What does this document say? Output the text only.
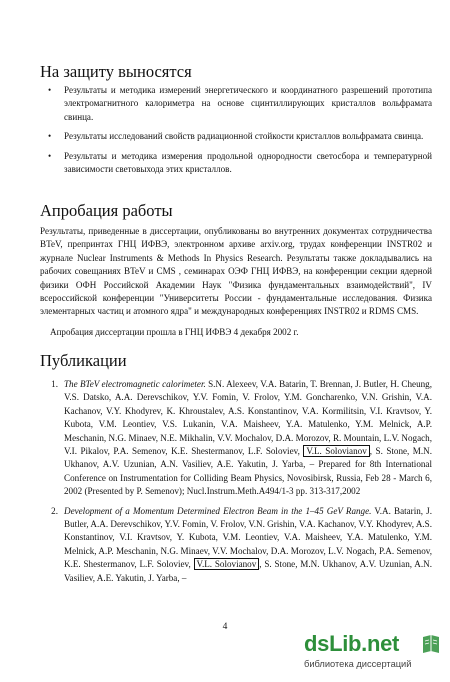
На защиту выносятся
• Результаты и методика измерений энергетического и координатного разрешений прототипа электромагнитного калориметра на основе сцинтиллирующих кристаллов вольфрамата свинца.
• Результаты исследований свойств радиационной стойкости кристаллов вольфрамата свинца.
• Результаты и методика измерения продольной однородности светосбора и температурной зависимости световыхода этих кристаллов.
Апробация работы

Результаты, приведенные в диссертации, опубликованы во внутренних документах сотрудничества BTeV, препринтах ГНЦ ИФВЭ, электронном архиве arxiv.org, трудах конференции INSTR02 и журнале Nuclear Instruments & Methods In Physics Research. Результаты также докладывались на рабочих совещаниях BTeV и CMS , семинарах ОЭФ ГНЦ ИФВЭ, на конференции секции ядерной физики ОФН Российской Академии Наук "Физика фундаментальных взаимодействий", IV всероссийской конференции "Университеты России - фундаментальные исследования. Физика элементарных частиц и атомного ядра" и международных конференциях INSTR02 и RDMS CMS.

Апробация диссертации прошла в ГНЦ ИФВЭ 4 декабря 2002 г.

Публикации
1. The BTeV electromagnetic calorimeter. S.N. Alexeev, V.A. Batarin, T. Brennan, J. Butler, H. Cheung, V.S. Datsko, A.A. Derevschikov, Y.V. Fomin, V. Frolov, Y.M. Goncharenko, V.N. Grishin, V.A. Kachanov, V.Y. Khodyrev, K. Khroustalev, A.S. Konstantinov, V.A. Kormilitsin, V.I. Kravtsov, Y. Kubota, V.M. Leontiev, V.S. Lukanin, V.A. Maisheev, Y.A. Matulenko, Y.M. Melnick, A.P. Meschanin, N.G. Minaev, N.E. Mikhalin, V.V. Mochalov, D.A. Morozov, R. Mountain, L.V. Nogach, V.I. Pikalov, P.A. Semenov, K.E. Shestermanov, L.F. Soloviev, V.L. Solovianov , S. Stone, M.N. Ukhanov, A.V. Uzunian, A.N. Vasiliev, A.E. Yakutin, J. Yarba, – Prepared for 8th International Conference on Instrumentation for Colliding Beam Physics, Novosibirsk, Russia, Feb 28 - March 6, 2002 (Presented by P. Semenov); Nucl.Instrum.Meth.A494/1-3 pp. 313-317,2002
2. Development of a Momentum Determined Electron Beam in the 1–45 GeV Range. V.A. Batarin, J. Butler, A.A. Derevschikov, Y.V. Fomin, V. Frolov, V.N. Grishin, V.A. Kachanov, V.Y. Khodyrev, A.S. Konstantinov, V.I. Kravtsov, Y. Kubota, V.M. Leontiev, V.A. Maisheev, Y.A. Matulenko, Y.M. Melnick, A.P. Meschanin, N.G. Minaev, V.V. Mochalov, D.A. Morozov, L.V. Nogach, P.A. Semenov, K.E. Shestermanov, L.F. Soloviev, V.L. Solovianov , S. Stone, M.N. Ukhanov, A.V. Uzunian, A.N. Vasiliev, A.E. Yakutin, J. Yarba, –
4
dsLib.net
библиотека диссертаций
